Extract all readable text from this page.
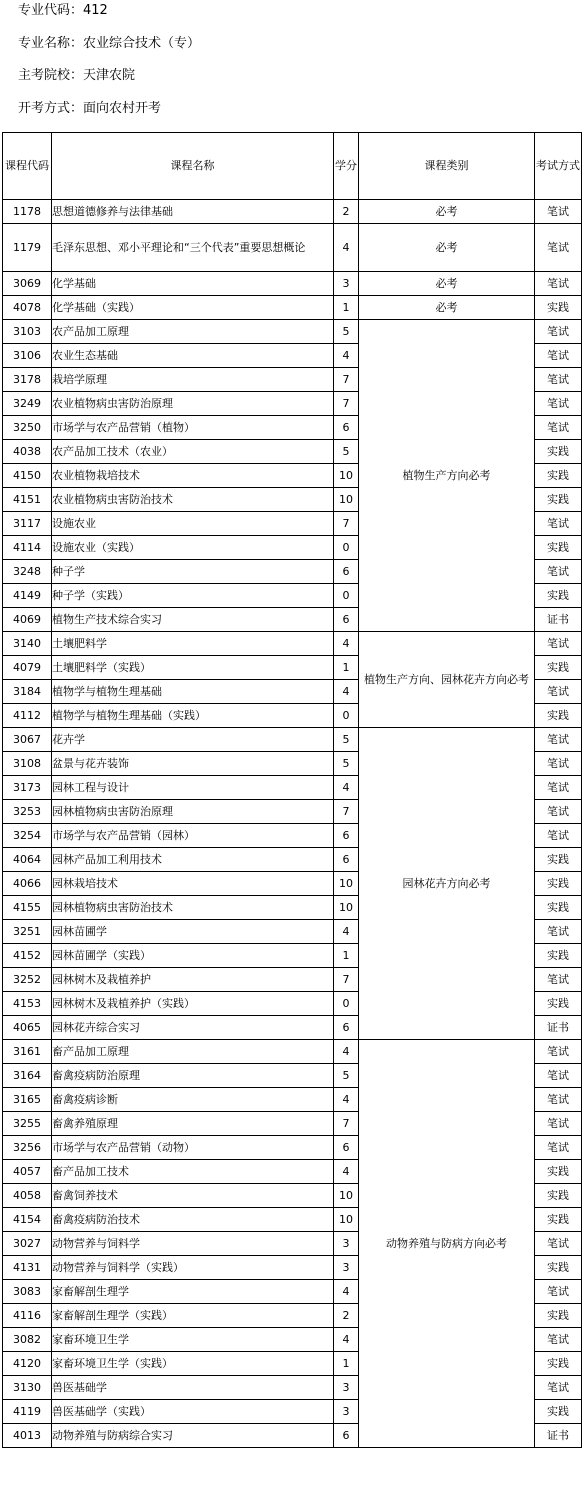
专业代码：412
专业名称：农业综合技术（专）
主考院校：天津农院
开考方式：面向农村开考
课程代码	课程名称	学分	课程类别	考试方式
1178	思想道德修养与法律基础	2	必考	笔试
1179	毛泽东思想、邓小平理论和“三个代表”重要思想概论	4	必考	笔试
3069	化学基础	3	必考	笔试
4078	化学基础（实践）	1	必考	实践
3103	农产品加工原理	5	植物生产方向必考	笔试
3106	农业生态基础	4		笔试
3178	栽培学原理	7		笔试
3249	农业植物病虫害防治原理	7		笔试
3250	市场学与农产品营销（植物）	6		笔试
4038	农产品加工技术（农业）	5		实践
4150	农业植物栽培技术	10		实践
4151	农业植物病虫害防治技术	10		实践
3117	设施农业	7		笔试
4114	设施农业（实践）	0		实践
3248	种子学	6		笔试
4149	种子学（实践）	0		实践
4069	植物生产技术综合实习	6		证书
3140	土壤肥料学	4	植物生产方向、园林花卉方向必考	笔试
4079	土壤肥料学（实践）	1		实践
3184	植物学与植物生理基础	4		笔试
4112	植物学与植物生理基础（实践）	0		实践
3067	花卉学	5	园林花卉方向必考	笔试
3108	盆景与花卉装饰	5		笔试
3173	园林工程与设计	4		笔试
3253	园林植物病虫害防治原理	7		笔试
3254	市场学与农产品营销（园林）	6		笔试
4064	园林产品加工利用技术	6		实践
4066	园林栽培技术	10		实践
4155	园林植物病虫害防治技术	10		实践
3251	园林苗圃学	4		笔试
4152	园林苗圃学（实践）	1		实践
3252	园林树木及栽植养护	7		笔试
4153	园林树木及栽植养护（实践）	0		实践
4065	园林花卉综合实习	6		证书
3161	畜产品加工原理	4	动物养殖与防病方向必考	笔试
3164	畜禽疫病防治原理	5		笔试
3165	畜禽疫病诊断	4		笔试
3255	畜禽养殖原理	7		笔试
3256	市场学与农产品营销（动物）	6		笔试
4057	畜产品加工技术	4		实践
4058	畜禽饲养技术	10		实践
4154	畜禽疫病防治技术	10		实践
3027	动物营养与饲料学	3		笔试
4131	动物营养与饲料学（实践）	3		实践
3083	家畜解剖生理学	4		笔试
4116	家畜解剖生理学（实践）	2		实践
3082	家畜环境卫生学	4		笔试
4120	家畜环境卫生学（实践）	1		实践
3130	兽医基础学	3		笔试
4119	兽医基础学（实践）	3		实践
4013	动物养殖与防病综合实习	6		证书
